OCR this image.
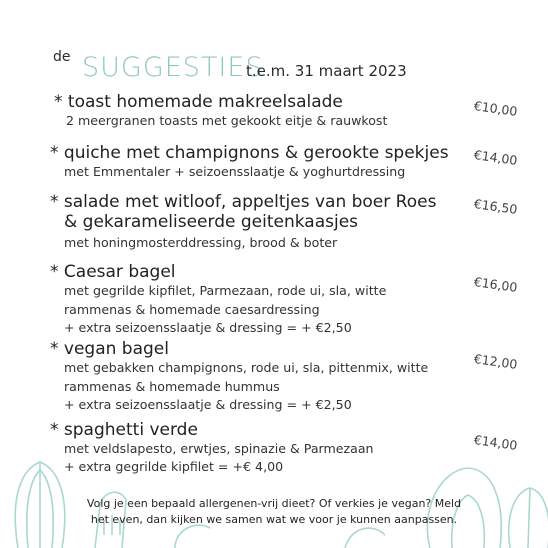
de SUGGESTIES
t.e.m. 31 maart 2023
* toast homemade makreelsalade
2 meergranen toasts met gekookt eitje & rauwkost
€10,00
* quiche met champignons & gerookte spekjes
met Emmentaler + seizoensslaatje & yoghurtdressing
€14,00
* salade met witloof, appeltjes van boer Roes
& gekarameliseerde geitenkaasjes
met honingmosterddressing, brood & boter
€16,50
* Caesar bagel
met gegrilde kipfilet, Parmezaan, rode ui, sla, witte
rammenas & homemade caesardressing
+ extra seizoensslaatje & dressing = + €2,50
€16,00
* vegan bagel
met gebakken champignons, rode ui, sla, pittenmix, witte
rammenas & homemade hummus
+ extra seizoensslaatje & dressing = + €2,50
€12,00
* spaghetti verde
met veldslapesto, erwtjes, spinazie & Parmezaan
+ extra gegrilde kipfilet = +€ 4,00
€14,00
Volg je een bepaald allergenen-vrij dieet? Of verkies je vegan? Meld
het even, dan kijken we samen wat we voor je kunnen aanpassen.
